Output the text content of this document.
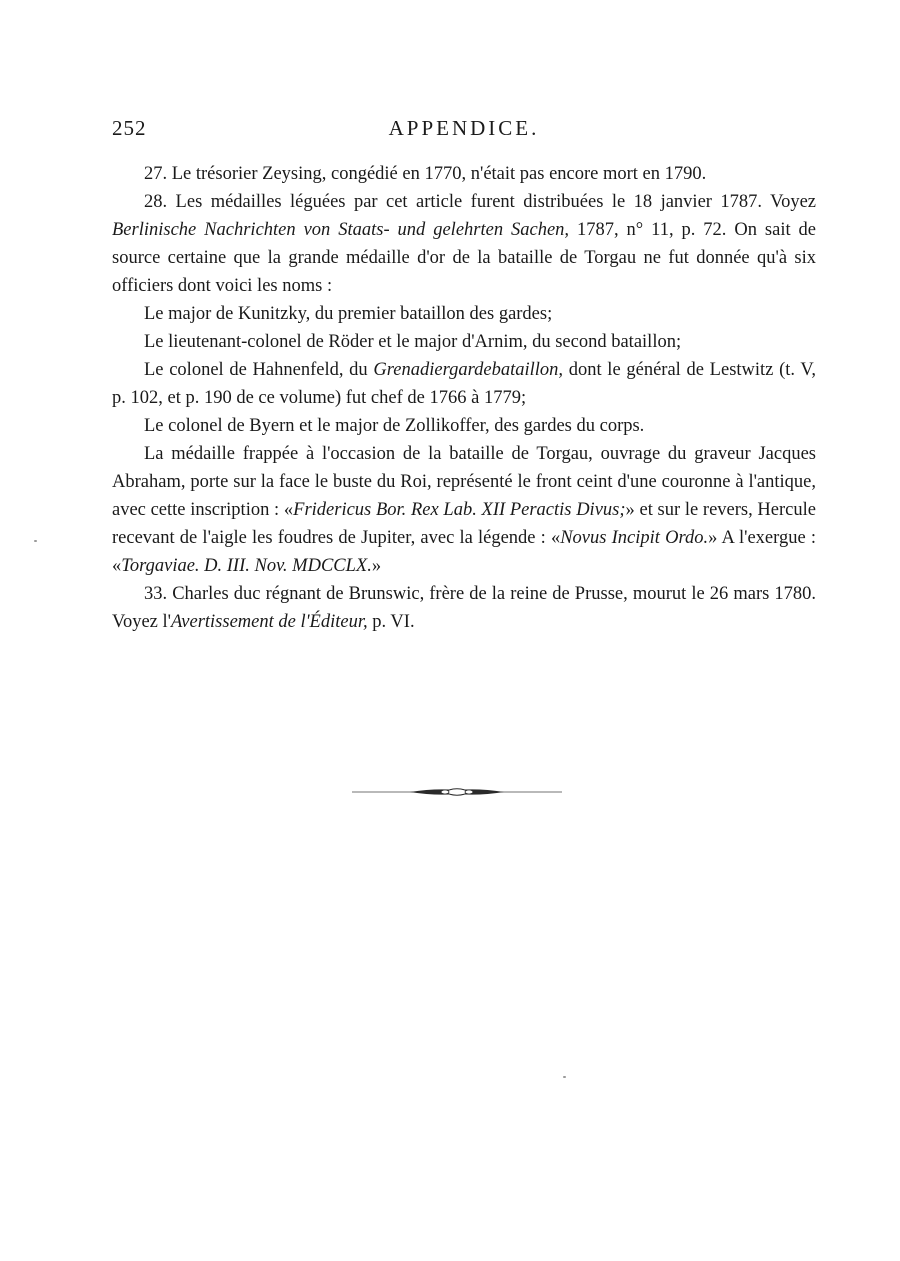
252	APPENDICE.

27. Le trésorier Zeysing, congédié en 1770, n'était pas encore mort en 1790.

28. Les médailles léguées par cet article furent distribuées le 18 janvier 1787. Voyez Berlinische Nachrichten von Staats- und gelehrten Sachen, 1787, n° 11, p. 72. On sait de source certaine que la grande médaille d'or de la bataille de Torgau ne fut donnée qu'à six officiers dont voici les noms :

Le major de Kunitzky, du premier bataillon des gardes;

Le lieutenant-colonel de Röder et le major d'Arnim, du second bataillon;

Le colonel de Hahnenfeld, du Grenadiergardebataillon, dont le général de Lestwitz (t. V, p. 102, et p. 190 de ce volume) fut chef de 1766 à 1779;

Le colonel de Byern et le major de Zollikoffer, des gardes du corps.

La médaille frappée à l'occasion de la bataille de Torgau, ouvrage du graveur Jacques Abraham, porte sur la face le buste du Roi, représenté le front ceint d'une couronne à l'antique, avec cette inscription : «Fridericus Bor. Rex Lab. XII Peractis Divus;» et sur le revers, Hercule recevant de l'aigle les foudres de Jupiter, avec la légende : «Novus Incipit Ordo.» A l'exergue : «Torgaviae. D. III. Nov. MDCCLX.»

33. Charles duc régnant de Brunswic, frère de la reine de Prusse, mourut le 26 mars 1780. Voyez l'Avertissement de l'Éditeur, p. VI.
